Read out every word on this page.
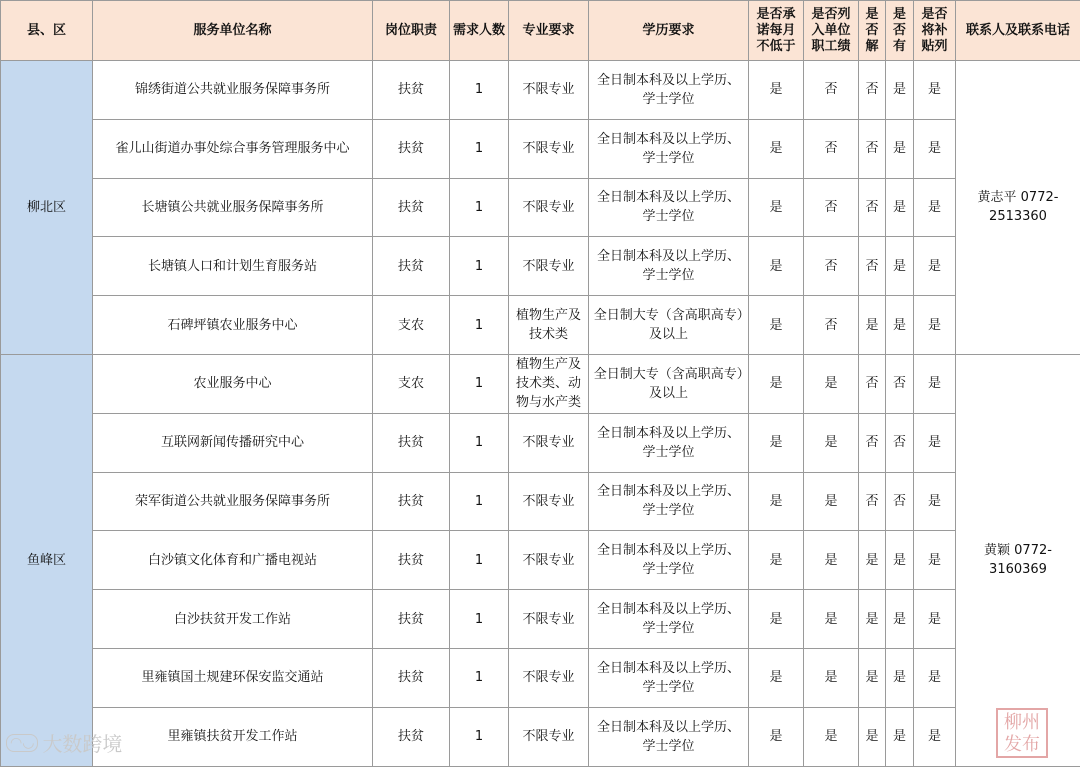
县、区	服务单位名称	岗位职责	需求人数	专业要求	学历要求	是否承诺每月不低于	是否列入单位职工绩	是否解	是否有	是否将补贴列	联系人及联系电话
柳北区	锦绣街道公共就业服务保障事务所	扶贫	1	不限专业	全日制本科及以上学历、学士学位	是	否	否	是	是	黄志平 0772-2513360
	雀儿山街道办事处综合事务管理服务中心	扶贫	1	不限专业	全日制本科及以上学历、学士学位	是	否	否	是	是	
	长塘镇公共就业服务保障事务所	扶贫	1	不限专业	全日制本科及以上学历、学士学位	是	否	否	是	是	
	长塘镇人口和计划生育服务站	扶贫	1	不限专业	全日制本科及以上学历、学士学位	是	否	否	是	是	
	石碑坪镇农业服务中心	支农	1	植物生产及技术类	全日制大专（含高职高专）及以上	是	否	是	是	是	
鱼峰区	农业服务中心	支农	1	植物生产及技术类、动物与水产类	全日制大专（含高职高专）及以上	是	是	否	否	是	黄颖 0772-3160369
	互联网新闻传播研究中心	扶贫	1	不限专业	全日制本科及以上学历、学士学位	是	是	否	否	是	
	荣军街道公共就业服务保障事务所	扶贫	1	不限专业	全日制本科及以上学历、学士学位	是	是	否	否	是	
	白沙镇文化体育和广播电视站	扶贫	1	不限专业	全日制本科及以上学历、学士学位	是	是	是	是	是	
	白沙扶贫开发工作站	扶贫	1	不限专业	全日制本科及以上学历、学士学位	是	是	是	是	是	
	里雍镇国土规建环保安监交通站	扶贫	1	不限专业	全日制本科及以上学历、学士学位	是	是	是	是	是	
	里雍镇扶贫开发工作站	扶贫	1	不限专业	全日制本科及以上学历、学士学位	是	是	是	是	是	
◠◡ 大数跨境
柳州发布
